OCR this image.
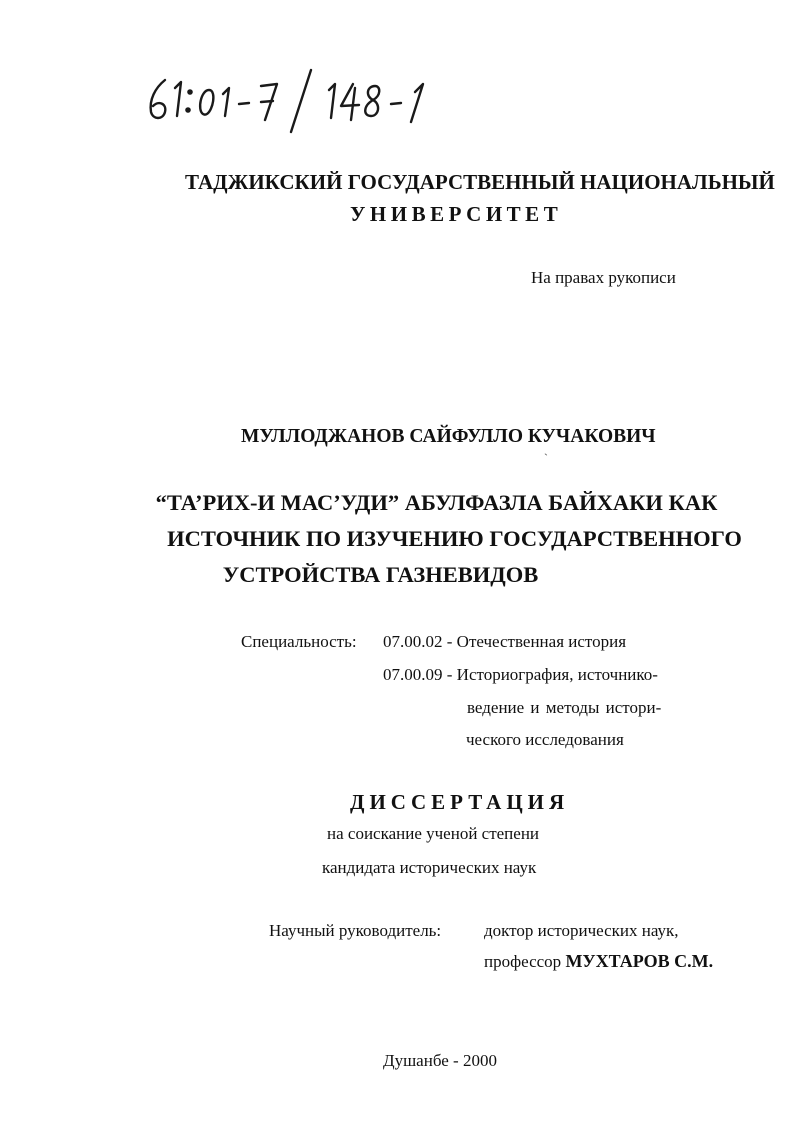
ТАДЖИКСКИЙ ГОСУДАРСТВЕННЫЙ НАЦИОНАЛЬНЫЙ
УНИВЕРСИТЕТ
На правах рукописи
МУЛЛОДЖАНОВ САЙФУЛЛО КУЧАКОВИЧ
`
“ТА’РИХ-И МАС’УДИ” АБУЛФАЗЛА БАЙХАКИ КАК
ИСТОЧНИК ПО ИЗУЧЕНИЮ ГОСУДАРСТВЕННОГО
УСТРОЙСТВА ГАЗНЕВИДОВ
Специальность: 07.00.02 - Отечественная история
07.00.09 - Историография, источнико-
ведение и методы истори-
ческого исследования
ДИССЕРТАЦИЯ
на соискание ученой степени
кандидата исторических наук
Научный руководитель:	доктор исторических наук,
профессор МУХТАРОВ С.М.
Душанбе - 2000
